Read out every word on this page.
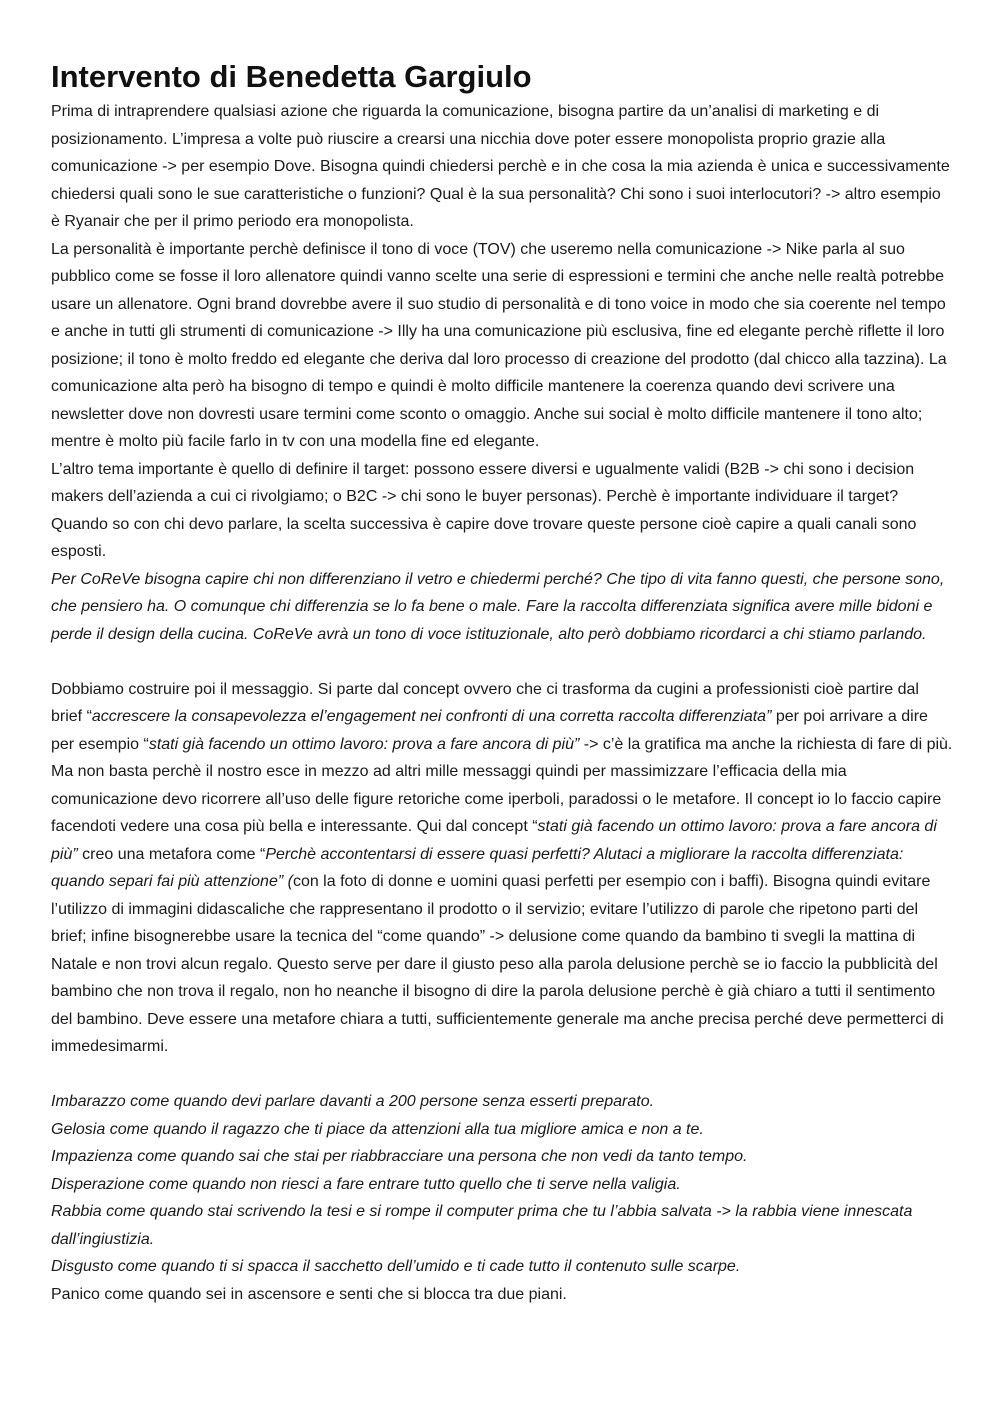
Intervento di Benedetta Gargiulo

Prima di intraprendere qualsiasi azione che riguarda la comunicazione, bisogna partire da un’analisi di marketing e di posizionamento. L’impresa a volte può riuscire a crearsi una nicchia dove poter essere monopolista proprio grazie alla comunicazione -> per esempio Dove. Bisogna quindi chiedersi perchè e in che cosa la mia azienda è unica e successivamente chiedersi quali sono le sue caratteristiche o funzioni? Qual è la sua personalità? Chi sono i suoi interlocutori? -> altro esempio è Ryanair che per il primo periodo era monopolista.

La personalità è importante perchè definisce il tono di voce (TOV) che useremo nella comunicazione -> Nike parla al suo pubblico come se fosse il loro allenatore quindi vanno scelte una serie di espressioni e termini che anche nelle realtà potrebbe usare un allenatore. Ogni brand dovrebbe avere il suo studio di personalità e di tono voice in modo che sia coerente nel tempo e anche in tutti gli strumenti di comunicazione -> Illy ha una comunicazione più esclusiva, fine ed elegante perchè riflette il loro posizione; il tono è molto freddo ed elegante che deriva dal loro processo di creazione del prodotto (dal chicco alla tazzina). La comunicazione alta però ha bisogno di tempo e quindi è molto difficile mantenere la coerenza quando devi scrivere una newsletter dove non dovresti usare termini come sconto o omaggio. Anche sui social è molto difficile mantenere il tono alto; mentre è molto più facile farlo in tv con una modella fine ed elegante.

L’altro tema importante è quello di definire il target: possono essere diversi e ugualmente validi (B2B -> chi sono i decision makers dell’azienda a cui ci rivolgiamo; o B2C -> chi sono le buyer personas). Perchè è importante individuare il target? Quando so con chi devo parlare, la scelta successiva è capire dove trovare queste persone cioè capire a quali canali sono esposti.

Per CoReVe bisogna capire chi non differenziano il vetro e chiedermi perché? Che tipo di vita fanno questi, che persone sono, che pensiero ha. O comunque chi differenzia se lo fa bene o male. Fare la raccolta differenziata significa avere mille bidoni e perde il design della cucina. CoReVe avrà un tono di voce istituzionale, alto però dobbiamo ricordarci a chi stiamo parlando.

Dobbiamo costruire poi il messaggio. Si parte dal concept ovvero che ci trasforma da cugini a professionisti cioè partire dal brief “accrescere la consapevolezza el’engagement nei confronti di una corretta raccolta differenziata” per poi arrivare a dire per esempio “stati già facendo un ottimo lavoro: prova a fare ancora di più” -> c’è la gratifica ma anche la richiesta di fare di più. Ma non basta perchè il nostro esce in mezzo ad altri mille messaggi quindi per massimizzare l’efficacia della mia comunicazione devo ricorrere all’uso delle figure retoriche come iperboli, paradossi o le metafore. Il concept io lo faccio capire facendoti vedere una cosa più bella e interessante. Qui dal concept “stati già facendo un ottimo lavoro: prova a fare ancora di più” creo una metafora come “Perchè accontentarsi di essere quasi perfetti? Alutaci a migliorare la raccolta differenziata: quando separi fai più attenzione” (con la foto di donne e uomini quasi perfetti per esempio con i baffi). Bisogna quindi evitare l’utilizzo di immagini didascaliche che rappresentano il prodotto o il servizio; evitare l’utilizzo di parole che ripetono parti del brief; infine bisognerebbe usare la tecnica del “come quando” -> delusione come quando da bambino ti svegli la mattina di Natale e non trovi alcun regalo. Questo serve per dare il giusto peso alla parola delusione perchè se io faccio la pubblicità del bambino che non trova il regalo, non ho neanche il bisogno di dire la parola delusione perchè è già chiaro a tutti il sentimento del bambino. Deve essere una metafore chiara a tutti, sufficientemente generale ma anche precisa perché deve permetterci di immedesimarmi.

Imbarazzo come quando devi parlare davanti a 200 persone senza esserti preparato.

Gelosia come quando il ragazzo che ti piace da attenzioni alla tua migliore amica e non a te.

Impazienza come quando sai che stai per riabbracciare una persona che non vedi da tanto tempo.

Disperazione come quando non riesci a fare entrare tutto quello che ti serve nella valigia.

Rabbia come quando stai scrivendo la tesi e si rompe il computer prima che tu l’abbia salvata -> la rabbia viene innescata dall’ingiustizia.

Disgusto come quando ti si spacca il sacchetto dell’umido e ti cade tutto il contenuto sulle scarpe.

Panico come quando sei in ascensore e senti che si blocca tra due piani.
